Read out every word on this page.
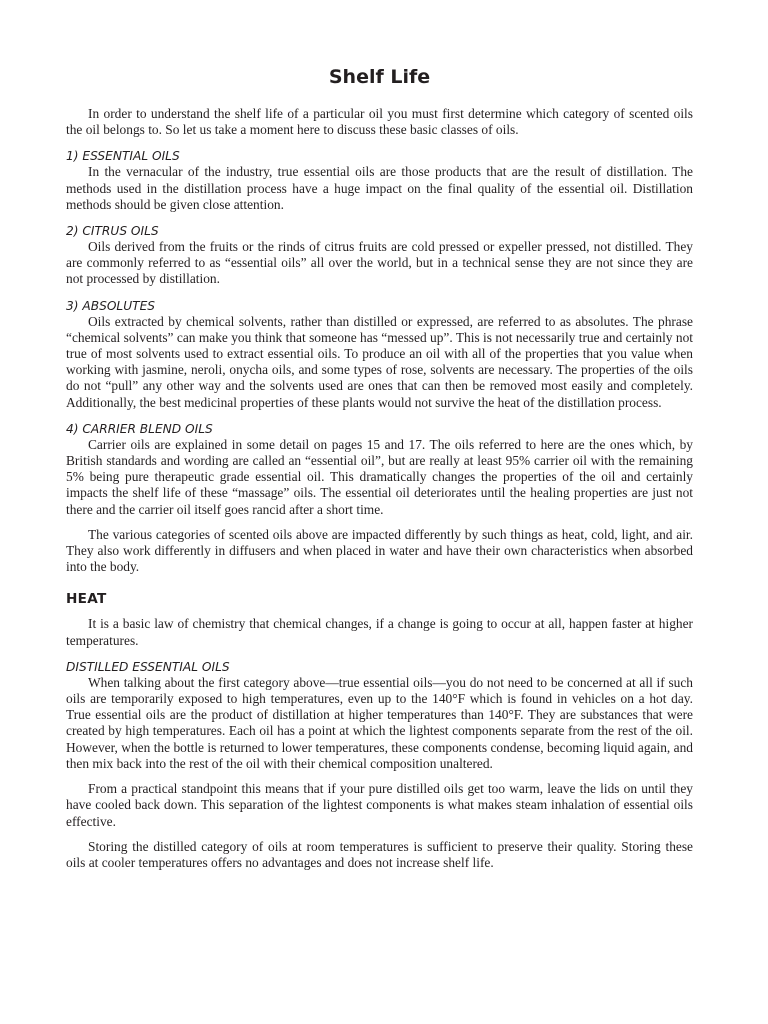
Shelf Life

In order to understand the shelf life of a particular oil you must first determine which category of scented oils the oil belongs to. So let us take a moment here to discuss these basic classes of oils.

1) ESSENTIAL OILS

In the vernacular of the industry, true essential oils are those products that are the result of distillation. The methods used in the distillation process have a huge impact on the final quality of the essential oil. Distillation methods should be given close attention.

2) CITRUS OILS

Oils derived from the fruits or the rinds of citrus fruits are cold pressed or expeller pressed, not distilled. They are commonly referred to as “essential oils” all over the world, but in a technical sense they are not since they are not processed by distillation.

3) ABSOLUTES

Oils extracted by chemical solvents, rather than distilled or expressed, are referred to as absolutes. The phrase “chemical solvents” can make you think that someone has “messed up”. This is not necessarily true and certainly not true of most solvents used to extract essential oils. To produce an oil with all of the properties that you value when working with jasmine, neroli, onycha oils, and some types of rose, solvents are necessary. The properties of the oils do not “pull” any other way and the solvents used are ones that can then be removed most easily and completely. Additionally, the best medicinal properties of these plants would not survive the heat of the distillation process.

4) CARRIER BLEND OILS

Carrier oils are explained in some detail on pages 15 and 17. The oils referred to here are the ones which, by British standards and wording are called an “essential oil”, but are really at least 95% carrier oil with the remaining 5% being pure therapeutic grade essential oil. This dramatically changes the properties of the oil and certainly impacts the shelf life of these “massage” oils. The essential oil deteriorates until the healing properties are just not there and the carrier oil itself goes rancid after a short time.

The various categories of scented oils above are impacted differently by such things as heat, cold, light, and air. They also work differently in diffusers and when placed in water and have their own characteristics when absorbed into the body.

HEAT

It is a basic law of chemistry that chemical changes, if a change is going to occur at all, happen faster at higher temperatures.

DISTILLED ESSENTIAL OILS

When talking about the first category above—true essential oils—you do not need to be concerned at all if such oils are temporarily exposed to high temperatures, even up to the 140°F which is found in vehicles on a hot day. True essential oils are the product of distillation at higher temperatures than 140°F. They are substances that were created by high temperatures. Each oil has a point at which the lightest components separate from the rest of the oil. However, when the bottle is returned to lower temperatures, these components condense, becoming liquid again, and then mix back into the rest of the oil with their chemical composition unaltered.

From a practical standpoint this means that if your pure distilled oils get too warm, leave the lids on until they have cooled back down. This separation of the lightest components is what makes steam inhalation of essential oils effective.

Storing the distilled category of oils at room temperatures is sufficient to preserve their quality. Storing these oils at cooler temperatures offers no advantages and does not increase shelf life.
